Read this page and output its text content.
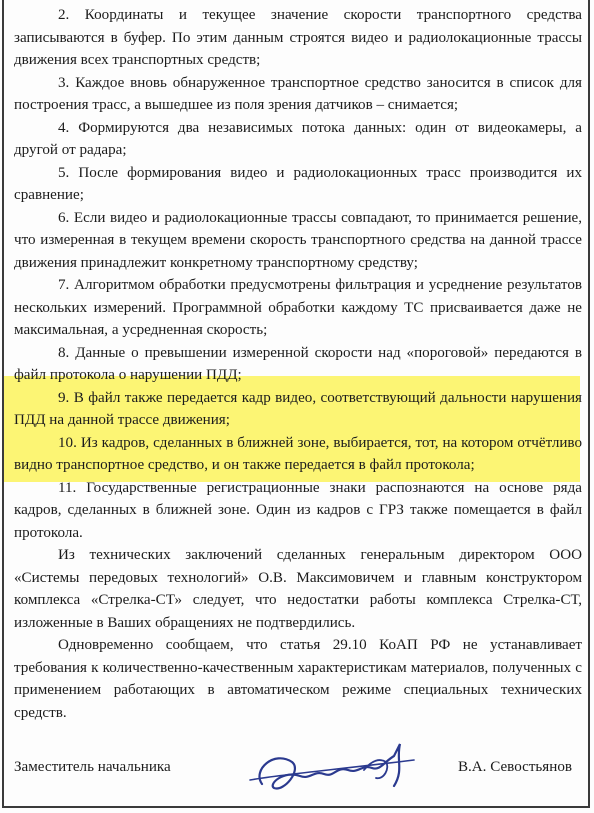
2. Координаты и текущее значение скорости транспортного средства записываются в буфер. По этим данным строятся видео и радиолокационные трассы движения всех транспортных средств;

3. Каждое вновь обнаруженное транспортное средство заносится в список для построения трасс, а вышедшее из поля зрения датчиков – снимается;

4. Формируются два независимых потока данных: один от видеокамеры, а другой от радара;

5. После формирования видео и радиолокационных трасс производится их сравнение;

6. Если видео и радиолокационные трассы совпадают, то принимается решение, что измеренная в текущем времени скорость транспортного средства на данной трассе движения принадлежит конкретному транспортному средству;

7. Алгоритмом обработки предусмотрены фильтрация и усреднение результатов нескольких измерений. Программной обработки каждому ТС присваивается даже не максимальная, а усредненная скорость;

8. Данные о превышении измеренной скорости над «пороговой» передаются в файл протокола о нарушении ПДД;

9. В файл также передается кадр видео, соответствующий дальности нарушения ПДД на данной трассе движения;

10. Из кадров, сделанных в ближней зоне, выбирается, тот, на котором отчётливо видно транспортное средство, и он также передается в файл протокола;

11. Государственные регистрационные знаки распознаются на основе ряда кадров, сделанных в ближней зоне. Один из кадров с ГРЗ также помещается в файл протокола.

Из технических заключений сделанных генеральным директором ООО «Системы передовых технологий» О.В. Максимовичем и главным конструктором комплекса «Стрелка-СТ» следует, что недостатки работы комплекса Стрелка-СТ, изложенные в Ваших обращениях не подтвердились.

Одновременно сообщаем, что статья 29.10 КоАП РФ не устанавливает требования к количественно-качественным характеристикам материалов, полученных с применением работающих в автоматическом режиме специальных технических средств.

Заместитель начальника	В.А. Севостьянов
